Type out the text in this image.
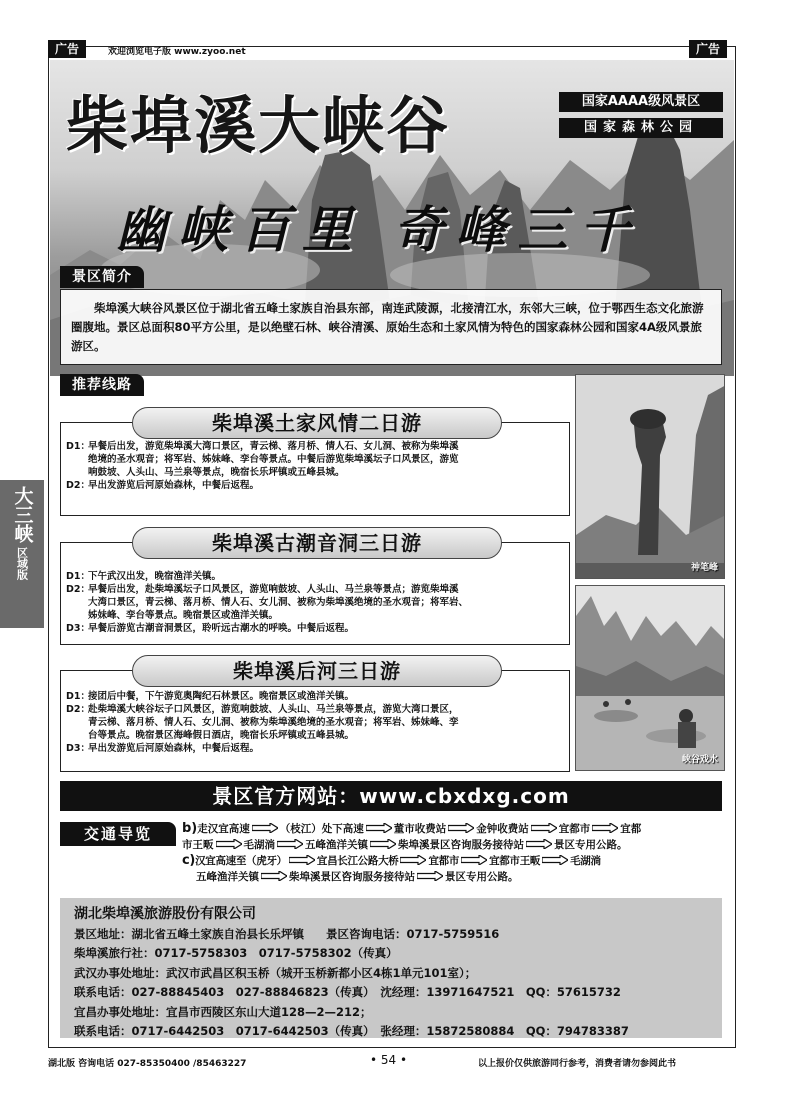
广告	欢迎浏览电子版 www.zyoo.net	广告
柴埠溪大峡谷	国家AAAA级风景区
国家森林公园
幽峡百里 奇峰三千
景区简介
柴埠溪大峡谷风景区位于湖北省五峰土家族自治县东部，南连武陵源，北接清江水，东邻大三峡，位于鄂西生态文化旅游圈腹地。景区总面积80平方公里，是以绝壁石林、峡谷清溪、原始生态和土家风情为特色的国家森林公园和国家4A级风景旅游区。
推荐线路
柴埠溪土家风情二日游
D1：
早餐后出发，游览柴埠溪大湾口景区，青云梯、落月桥、情人石、女儿洞、被称为柴埠溪
绝境的圣水观音；将军岩、姊妹峰、孪台等景点。中餐后游览柴埠溪坛子口风景区，游览
响鼓坡、人头山、马兰泉等景点，晚宿长乐坪镇或五峰县城。
D2：
早出发游览后河原始森林，中餐后返程。
柴埠溪古潮音洞三日游
D1：
下午武汉出发，晚宿渔洋关镇。
D2：
早餐后出发，赴柴埠溪坛子口风景区，游览响鼓坡、人头山、马兰泉等景点；游览柴埠溪
大湾口景区，青云梯、落月桥、情人石、女儿洞、被称为柴埠溪绝境的圣水观音；将军岩、
姊妹峰、孪台等景点。晚宿景区或渔洋关镇。
D3：
早餐后游览古潮音洞景区，聆听远古潮水的呼唤。中餐后返程。
柴埠溪后河三日游
D1：
接团后中餐，下午游览奥陶纪石林景区。晚宿景区或渔洋关镇。
D2：
赴柴埠溪大峡谷坛子口风景区，游览响鼓坡、人头山、马兰泉等景点，游览大湾口景区，
青云梯、落月桥、情人石、女儿洞、被称为柴埠溪绝境的圣水观音；将军岩、姊妹峰、孪
台等景点。晚宿景区海峰假日酒店，晚宿长乐坪镇或五峰县城。
D3：
早出发游览后河原始森林，中餐后返程。
神笔峰
峡谷戏水
大三峡
区域版
景区官方网站：www.cbxdxg.com
交通导览	b)走汉宜高速	（枝江）处下高速	董市收费站	金钟收费站	宜都市	宜都
市王畈	毛湖淌	五峰渔洋关镇	柴埠溪景区咨询服务接待站	景区专用公路。
c)汉宜高速至（虎牙）	宜昌长江公路大桥	宜都市	宜都市王畈	毛湖淌
五峰渔洋关镇	柴埠溪景区咨询服务接待站	景区专用公路。
湖北柴埠溪旅游股份有限公司
景区地址：湖北省五峰土家族自治县长乐坪镇 景区咨询电话：0717-5759516
柴埠溪旅行社：0717-5758303　0717-5758302（传真）
武汉办事处地址：武汉市武昌区积玉桥（城开玉桥新都小区4栋1单元101室）；
联系电话：027-88845403　027-88846823（传真）　沈经理：13971647521　QQ：57615732
宜昌办事处地址：宜昌市西陵区东山大道128—2—212；
联系电话：0717-6442503　0717-6442503（传真）　张经理：15872580884　QQ：794783387
湖北版 咨询电话 027-85350400 /85463227	• 54 •	以上报价仅供旅游同行参考，消费者请勿参阅此书
